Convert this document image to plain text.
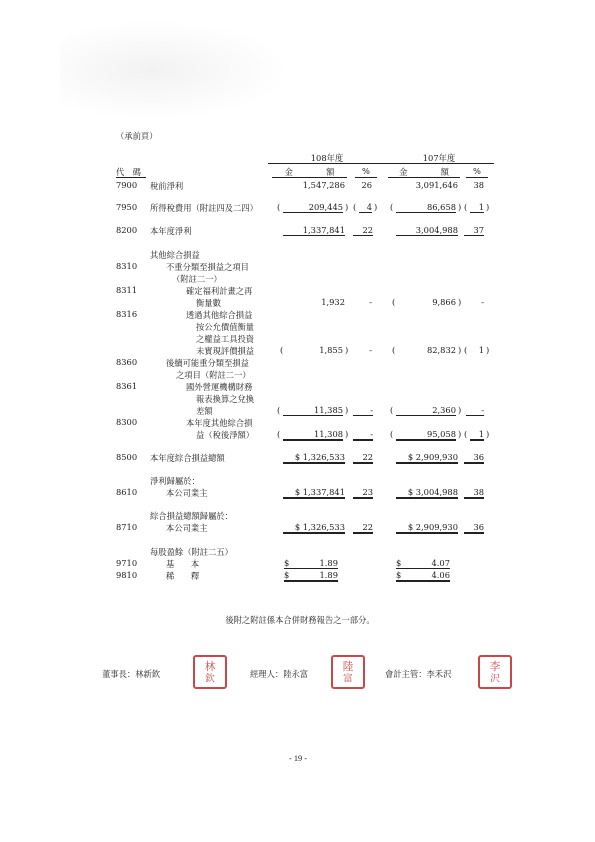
（承前頁）
108年度	107年度
代　碼	金　　　　額	%	金　　　　額	%
7900 稅前淨利	1,547,286	26	3,091,646	38
7950 所得稅費用（附註四及二四） (	209,445 ) (	4 ) (	86,658 ) (	1 )
8200 本年度淨利	1,337,841	22	3,004,988	37
其他綜合損益
8310	不重分類至損益之項目
（附註二一）
8311	確定福利計畫之再
衡量數	1,932	- (	9,866 )	-
8316	透過其他綜合損益
按公允價值衡量
之權益工具投資
未實現評價損益	(	1,855 )	- (	82,832 ) (	1 )
8360	後續可能重分類至損益
之項目（附註二一）
8361	國外營運機構財務
報表換算之兌換
差額	(	11,385 )	- (	2,360 )	-
8300	本年度其他綜合損
益（稅後淨額）	(	11,308 )	- (	95,058 ) (	1 )
8500 本年度綜合損益總額	$ 1,326,533	22	$ 2,909,930	36
淨利歸屬於：
8610	本公司業主	$ 1,337,841	23	$ 3,004,988	38
綜合損益總額歸屬於：
8710	本公司業主	$ 1,326,533	22	$ 2,909,930	36
每股盈餘（附註二五）
9710	基　　本	$	1.89	$	4.07
9810	稀　　釋	$	1.89	$	4.06
後附之附註係本合併財務報告之一部分。
董事長：林新欽
林
欽	經理人：陸永富
陸
富	會計主管：李禾沢
李
沢
- 19 -
